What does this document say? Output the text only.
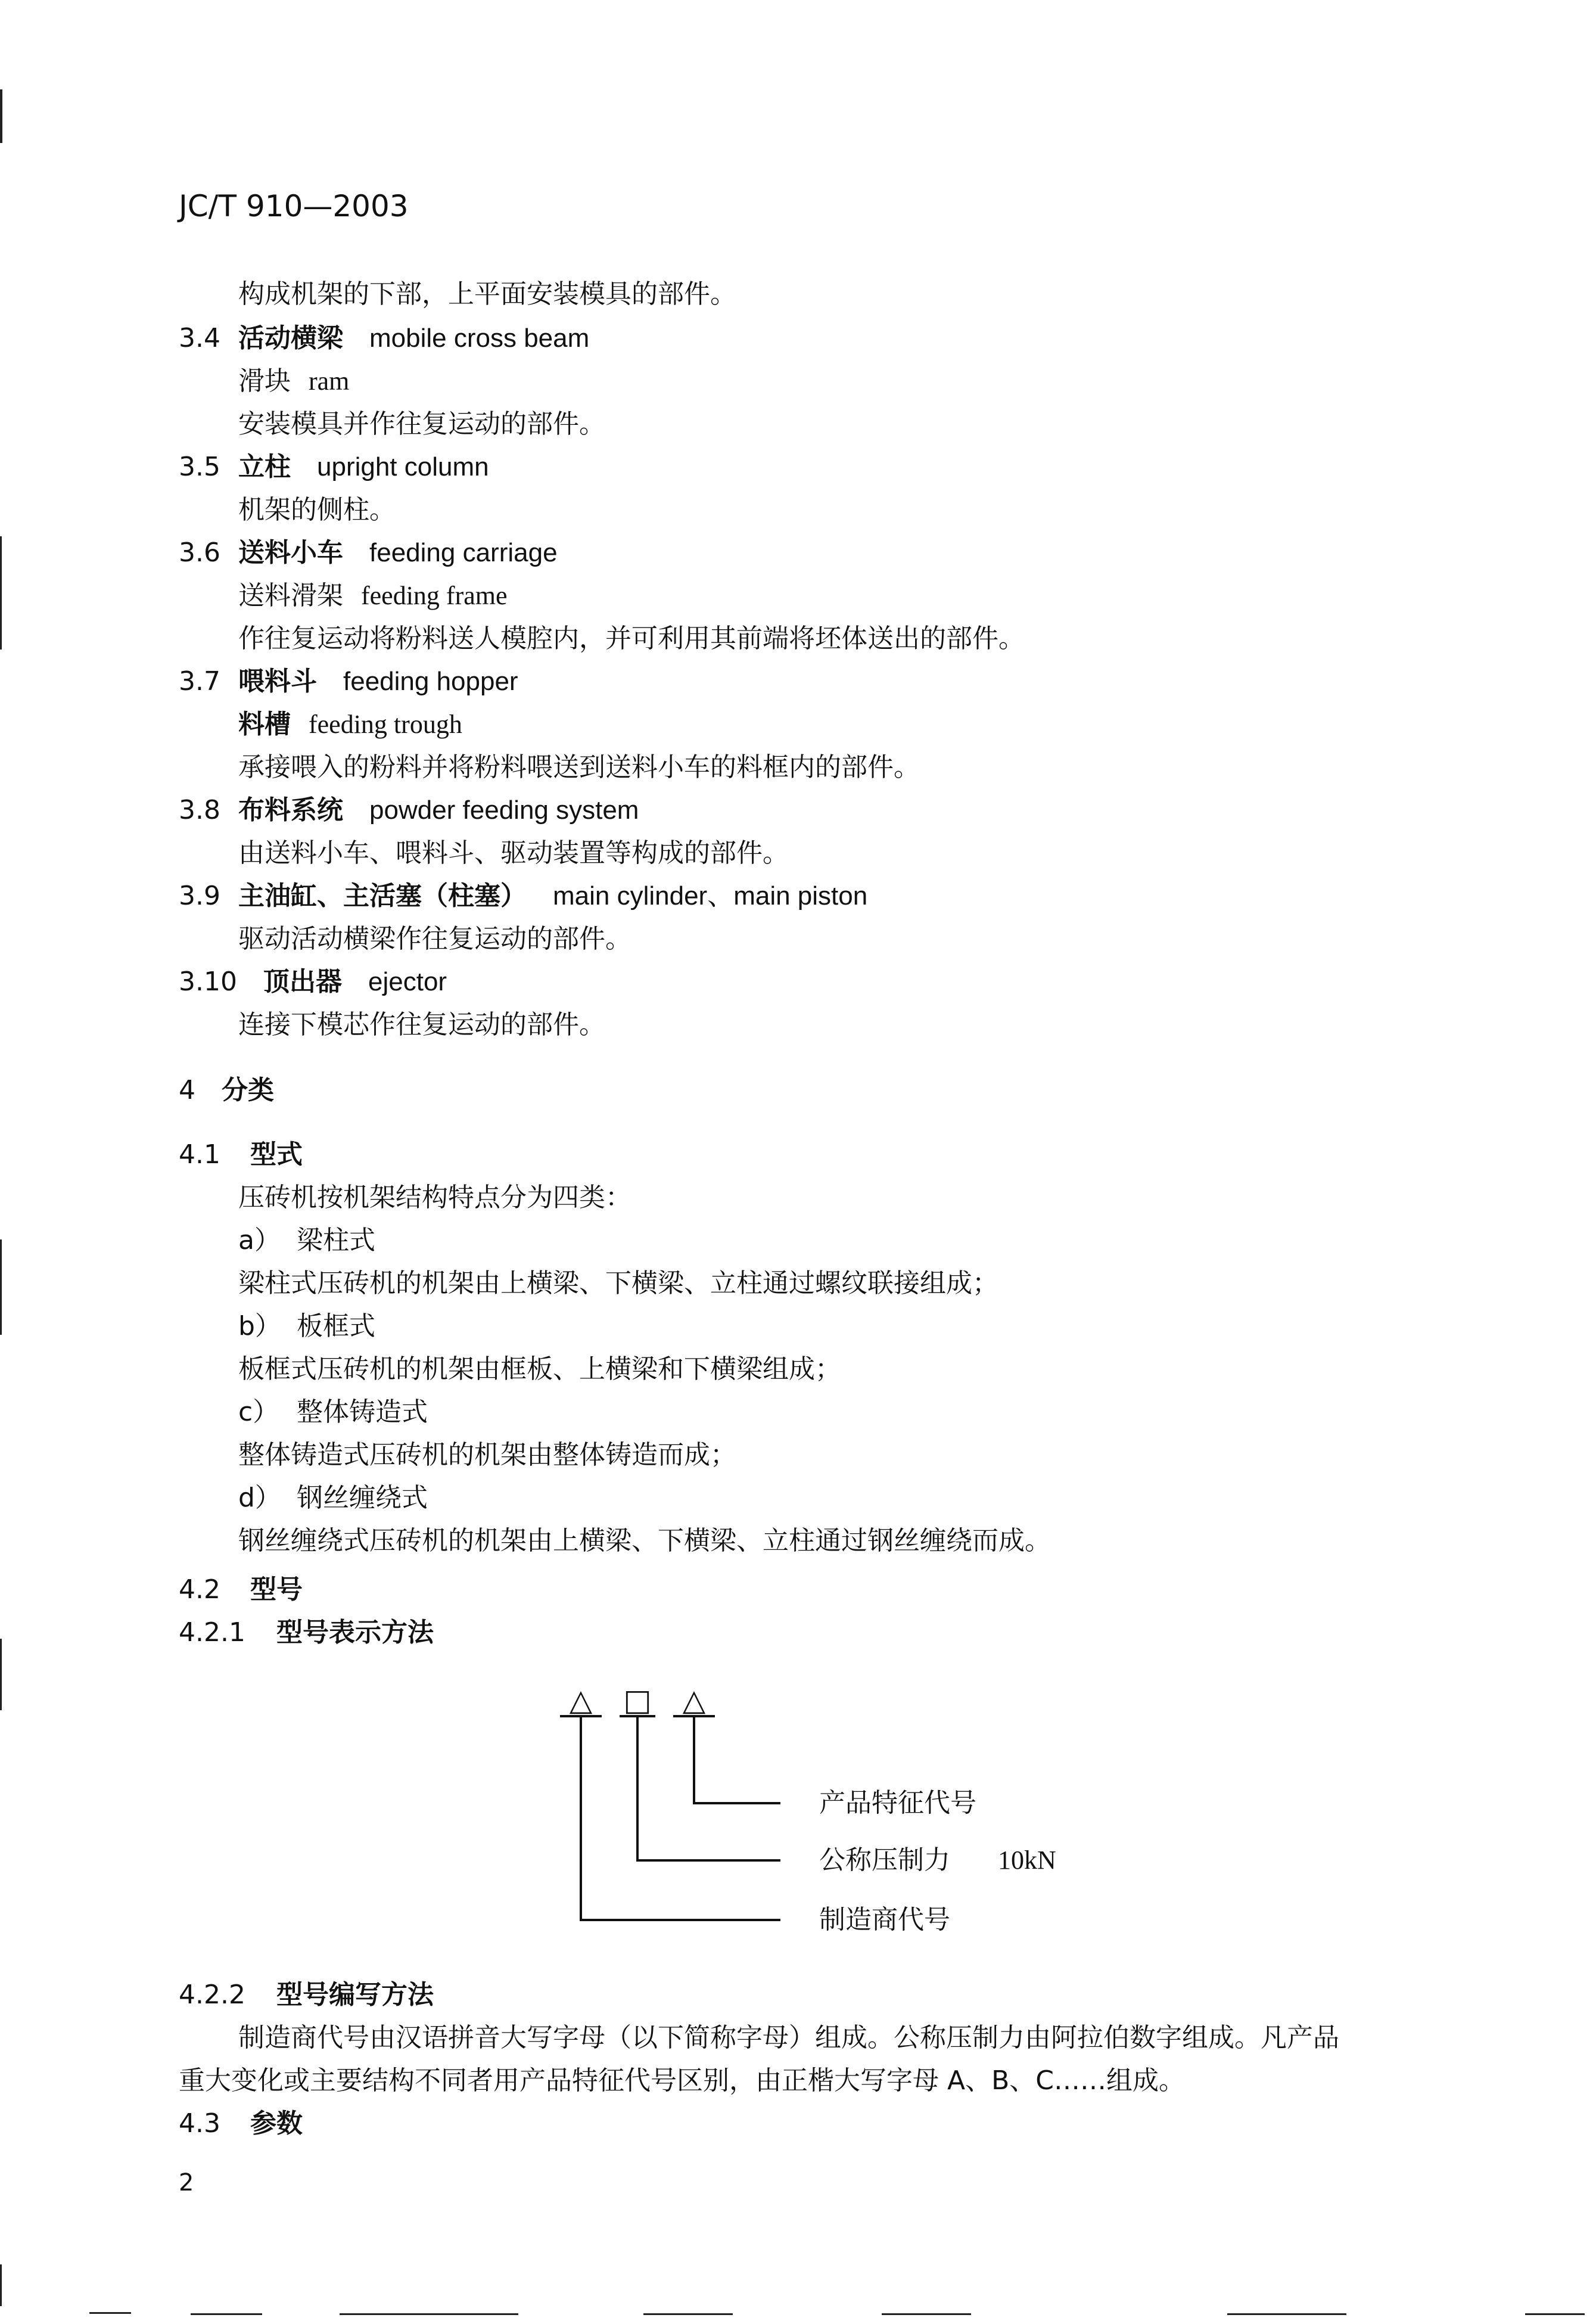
JC/T 910—2003
构成机架的下部，上平面安装模具的部件。
3.4 活动横梁 mobile cross beam
滑块 ram
安装模具并作往复运动的部件。
3.5 立柱 upright column
机架的侧柱。
3.6 送料小车 feeding carriage
送料滑架 feeding frame
作往复运动将粉料送人模腔内，并可利用其前端将坯体送出的部件。
3.7 喂料斗 feeding hopper
料槽 feeding trough
承接喂入的粉料并将粉料喂送到送料小车的料框内的部件。
3.8 布料系统 powder feeding system
由送料小车、喂料斗、驱动装置等构成的部件。
3.9 主油缸、主活塞（柱塞） main cylinder、main piston
驱动活动横梁作往复运动的部件。
3.10 顶出器 ejector
连接下模芯作往复运动的部件。
4 分类
4.1 型式
压砖机按机架结构特点分为四类：
a） 梁柱式
梁柱式压砖机的机架由上横梁、下横梁、立柱通过螺纹联接组成；
b） 板框式
板框式压砖机的机架由框板、上横梁和下横梁组成；
c） 整体铸造式
整体铸造式压砖机的机架由整体铸造而成；
d） 钢丝缠绕式
钢丝缠绕式压砖机的机架由上横梁、下横梁、立柱通过钢丝缠绕而成。
4.2 型号
4.2.1 型号表示方法
△ □ △
产品特征代号
公称压制力 10kN
制造商代号
4.2.2 型号编写方法
制造商代号由汉语拼音大写字母（以下简称字母）组成。公称压制力由阿拉伯数字组成。凡产品
重大变化或主要结构不同者用产品特征代号区别，由正楷大写字母 A、B、C……组成。
4.3 参数
2
